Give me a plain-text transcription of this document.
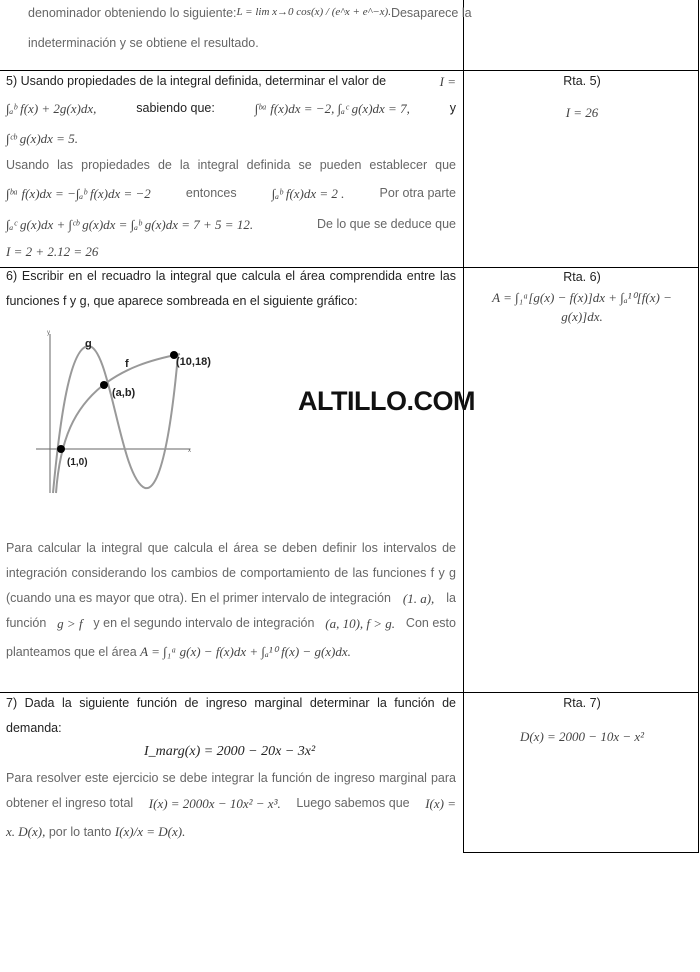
denominador obteniendo lo siguiente: L = lim x→0 cos(x) / (e^x + e^−x). Desaparece la
indeterminación y se obtiene el resultado.
5) Usando propiedades de la integral definida, determinar el valor de	I =
∫ₐᵇ f(x) + 2g(x)dx,	sabiendo que:	∫ᵇᵃ f(x)dx = −2, ∫ₐᶜ g(x)dx = 7,	y
∫ᶜᵇ g(x)dx = 5.
Usando las propiedades de la integral definida se pueden establecer que
∫ᵇᵃ f(x)dx = −∫ₐᵇ f(x)dx = −2	entonces	∫ₐᵇ f(x)dx = 2 .	Por otra parte
∫ₐᶜ g(x)dx + ∫ᶜᵇ g(x)dx = ∫ₐᵇ g(x)dx = 7 + 5 = 12.	De lo que se deduce que
I = 2 + 2.12 = 26
Rta. 5)
I = 26
6) Escribir en el recuadro la integral que calcula el área comprendida entre las
funciones f y g, que aparece sombreada en el siguiente gráfico:
y
x
g
f
(1,0)
(a,b)
(10,18)
Para calcular la integral que calcula el área se deben definir los intervalos de
integración considerando los cambios de comportamiento de las funciones f y g
(cuando una es mayor que otra). En el primer intervalo de integración (1. a), la
función g > f y en el segundo intervalo de integración (a, 10), f > g. Con esto
planteamos que el área A = ∫₁ᵃ g(x) − f(x)dx + ∫ₐ¹⁰ f(x) − g(x)dx.
Rta. 6)
A = ∫₁ᵃ[g(x) − f(x)]dx + ∫ₐ¹⁰[f(x) −
g(x)]dx.
7) Dada la siguiente función de ingreso marginal determinar la función de
demanda:
I_marg(x) = 2000 − 20x − 3x²
Para resolver este ejercicio se debe integrar la función de ingreso marginal para
obtener el ingreso total I(x) = 2000x − 10x² − x³. Luego sabemos que I(x) =
x. D(x), por lo tanto I(x)/x = D(x).
Rta. 7)
D(x) = 2000 − 10x − x²
ALTILLO.COM
